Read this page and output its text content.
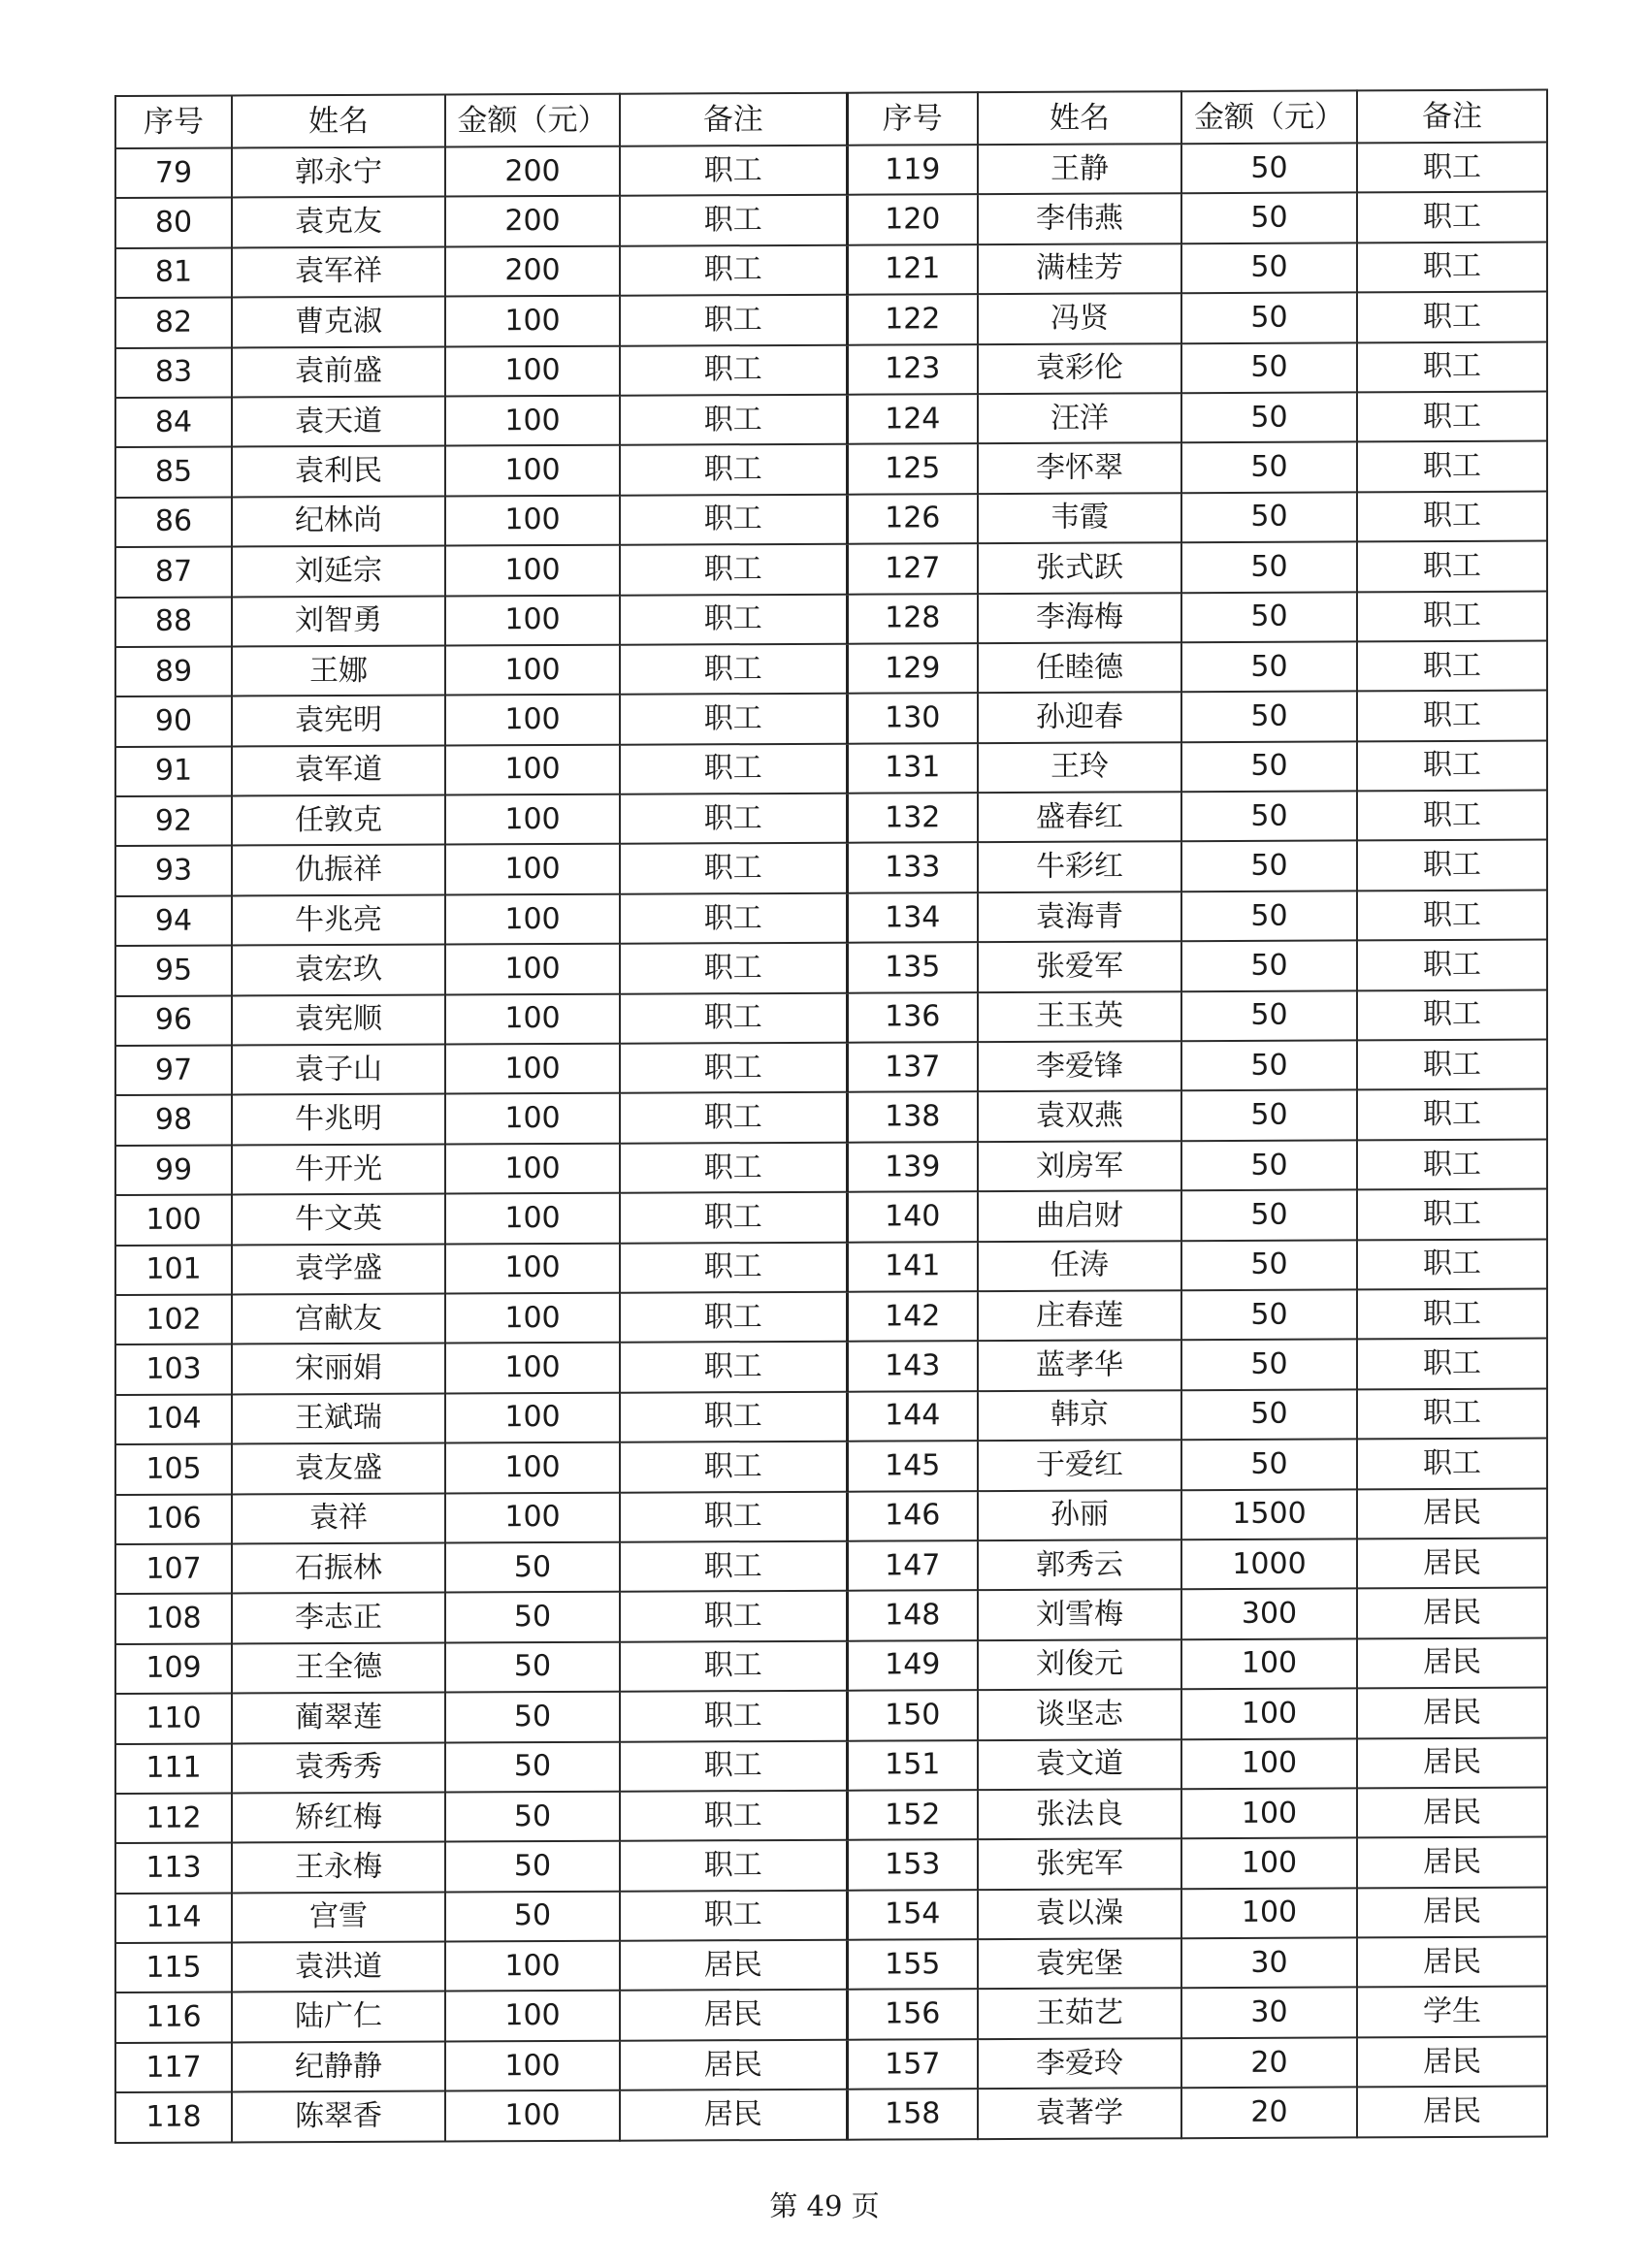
序号	姓名	金额（元）	备注	序号	姓名	金额（元）	备注
79	郭永宁	200	职工	119	王静	50	职工
80	袁克友	200	职工	120	李伟燕	50	职工
81	袁军祥	200	职工	121	满桂芳	50	职工
82	曹克淑	100	职工	122	冯贤	50	职工
83	袁前盛	100	职工	123	袁彩伦	50	职工
84	袁天道	100	职工	124	汪洋	50	职工
85	袁利民	100	职工	125	李怀翠	50	职工
86	纪林尚	100	职工	126	韦霞	50	职工
87	刘延宗	100	职工	127	张式跃	50	职工
88	刘智勇	100	职工	128	李海梅	50	职工
89	王娜	100	职工	129	任睦德	50	职工
90	袁宪明	100	职工	130	孙迎春	50	职工
91	袁军道	100	职工	131	王玲	50	职工
92	任敦克	100	职工	132	盛春红	50	职工
93	仇振祥	100	职工	133	牛彩红	50	职工
94	牛兆亮	100	职工	134	袁海青	50	职工
95	袁宏玖	100	职工	135	张爱军	50	职工
96	袁宪顺	100	职工	136	王玉英	50	职工
97	袁子山	100	职工	137	李爱锋	50	职工
98	牛兆明	100	职工	138	袁双燕	50	职工
99	牛开光	100	职工	139	刘房军	50	职工
100	牛文英	100	职工	140	曲启财	50	职工
101	袁学盛	100	职工	141	任涛	50	职工
102	宫献友	100	职工	142	庄春莲	50	职工
103	宋丽娟	100	职工	143	蓝孝华	50	职工
104	王斌瑞	100	职工	144	韩京	50	职工
105	袁友盛	100	职工	145	于爱红	50	职工
106	袁祥	100	职工	146	孙丽	1500	居民
107	石振林	50	职工	147	郭秀云	1000	居民
108	李志正	50	职工	148	刘雪梅	300	居民
109	王全德	50	职工	149	刘俊元	100	居民
110	蔺翠莲	50	职工	150	谈坚志	100	居民
111	袁秀秀	50	职工	151	袁文道	100	居民
112	矫红梅	50	职工	152	张法良	100	居民
113	王永梅	50	职工	153	张宪军	100	居民
114	宫雪	50	职工	154	袁以澡	100	居民
115	袁洪道	100	居民	155	袁宪堡	30	居民
116	陆广仁	100	居民	156	王茹艺	30	学生
117	纪静静	100	居民	157	李爱玲	20	居民
118	陈翠香	100	居民	158	袁著学	20	居民
第 49 页
